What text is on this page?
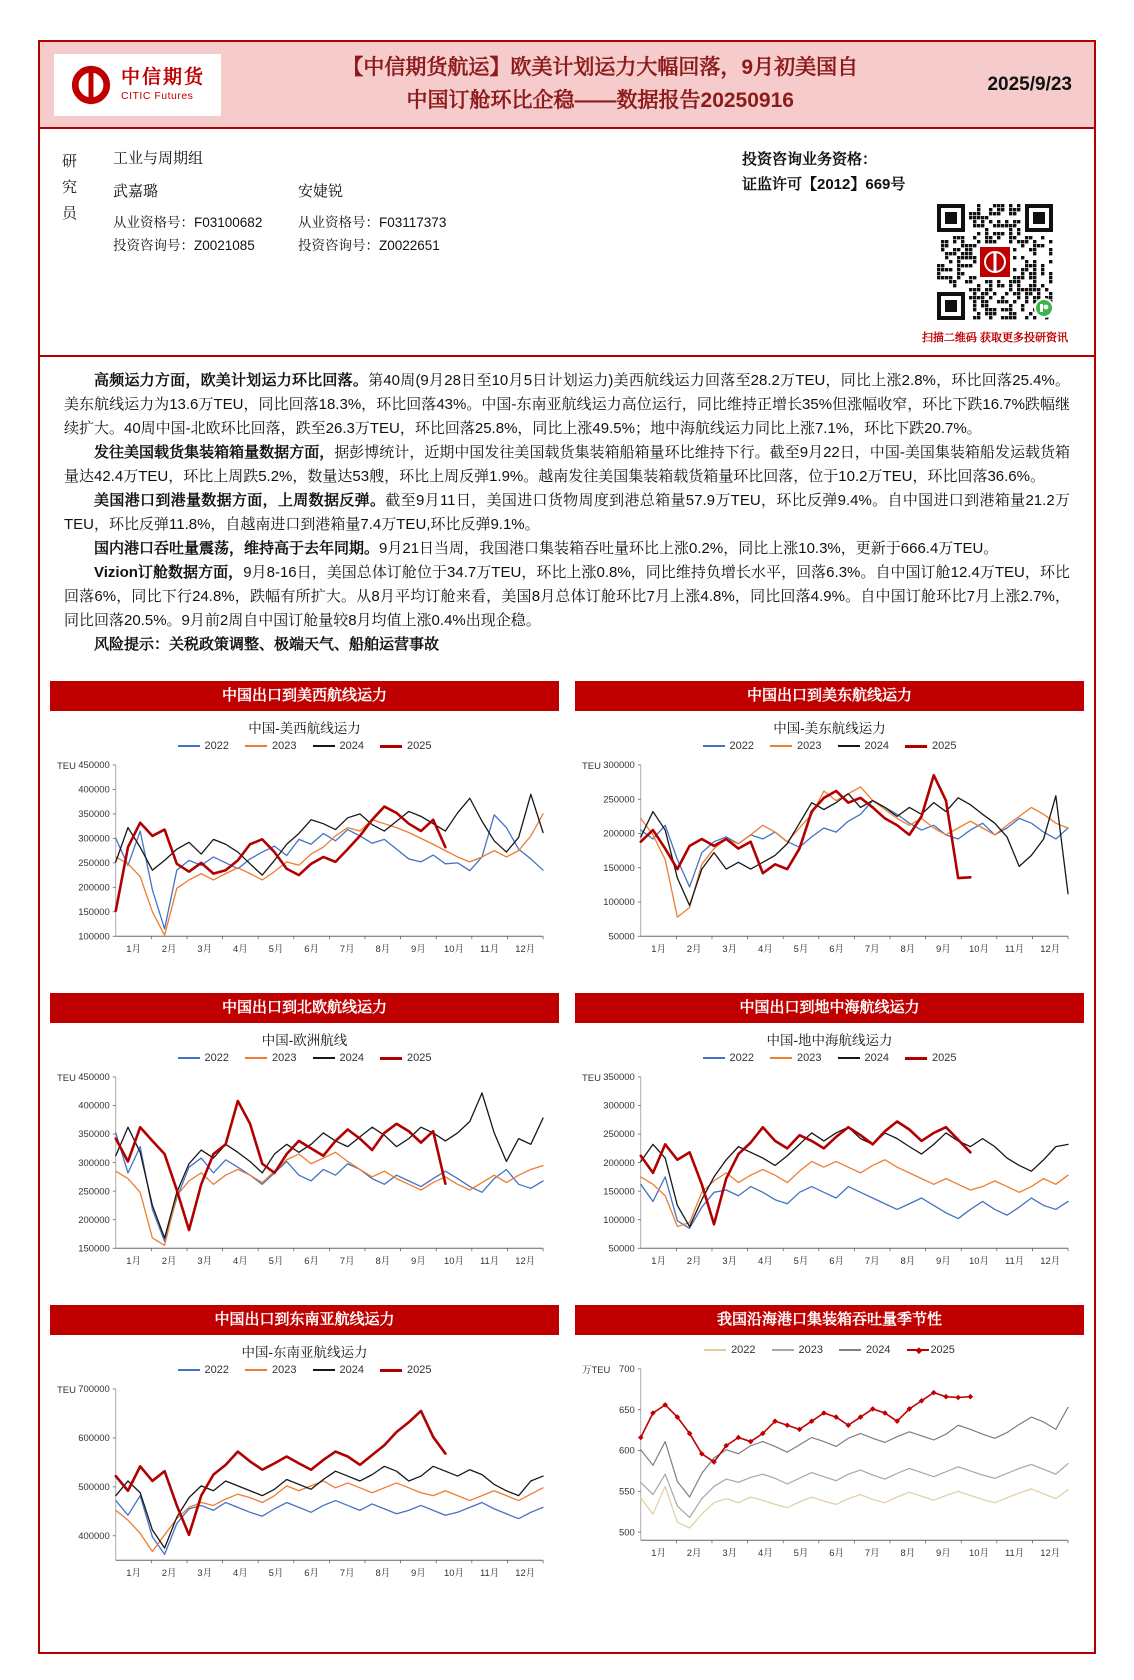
中信期货
CITIC Futures
【中信期货航运】欧美计划运力大幅回落，9月初美国自
中国订舱环比企稳——数据报告20250916
2025/9/23
研
究
员
工业与周期组
武嘉璐
从业资格号：F03100682
投资咨询号：Z0021085
安婕锐
从业资格号：F03117373
投资咨询号：Z0022651
投资咨询业务资格：
证监许可【2012】669号
扫描二维码 获取更多投研资讯

高频运力方面，欧美计划运力环比回落。第40周(9月28日至10月5日计划运力)美西航线运力回落至28.2万TEU，同比上涨2.8%，环比回落25.4%。美东航线运力为13.6万TEU，同比回落18.3%，环比回落43%。中国-东南亚航线运力高位运行，同比维持正增长35%但涨幅收窄，环比下跌16.7%跌幅继续扩大。40周中国-北欧环比回落，跌至26.3万TEU，环比回落25.8%，同比上涨49.5%；地中海航线运力同比上涨7.1%，环比下跌20.7%。

发往美国载货集装箱箱量数据方面，据彭博统计，近期中国发往美国载货集装箱船箱量环比维持下行。截至9月22日，中国-美国集装箱船发运载货箱量达42.4万TEU，环比上周跌5.2%，数量达53艘，环比上周反弹1.9%。越南发往美国集装箱载货箱量环比回落，位于10.2万TEU，环比回落36.6%。

美国港口到港量数据方面，上周数据反弹。截至9月11日，美国进口货物周度到港总箱量57.9万TEU，环比反弹9.4%。自中国进口到港箱量21.2万TEU，环比反弹11.8%，自越南进口到港箱量7.4万TEU,环比反弹9.1%。

国内港口吞吐量震荡，维持高于去年同期。9月21日当周，我国港口集装箱吞吐量环比上涨0.2%，同比上涨10.3%，更新于666.4万TEU。

Vizion订舱数据方面，9月8-16日，美国总体订舱位于34.7万TEU，环比上涨0.8%，同比维持负增长水平，回落6.3%。自中国订舱12.4万TEU，环比回落6%，同比下行24.8%，跌幅有所扩大。从8月平均订舱来看，美国8月总体订舱环比7月上涨4.8%，同比回落4.9%。自中国订舱环比7月上涨2.7%，同比回落20.5%。9月前2周自中国订舱量较8月均值上涨0.4%出现企稳。

风险提示：关税政策调整、极端天气、船舶运营事故

中国出口到美西航线运力
中国-美西航线运力
2022	2023	2024	2025
100000
150000
200000
250000
300000
350000
400000
450000
TEU
1月 2月 3月 4月 5月 6月 7月 8月 9月 10月 11月 12月
中国出口到美东航线运力
中国-美东航线运力
2022	2023	2024	2025
50000
100000
150000
200000
250000
300000
TEU
1月 2月 3月 4月 5月 6月 7月 8月 9月 10月 11月 12月
中国出口到北欧航线运力
中国-欧洲航线
2022	2023	2024	2025
150000
200000
250000
300000
350000
400000
450000
TEU
1月 2月 3月 4月 5月 6月 7月 8月 9月 10月 11月 12月
中国出口到地中海航线运力
中国-地中海航线运力
2022	2023	2024	2025
50000
100000
150000
200000
250000
300000
350000
TEU
1月 2月 3月 4月 5月 6月 7月 8月 9月 10月 11月 12月
中国出口到东南亚航线运力
中国-东南亚航线运力
2022	2023	2024	2025
400000
500000
600000
700000
TEU
1月 2月 3月 4月 5月 6月 7月 8月 9月 10月 11月 12月
我国沿海港口集装箱吞吐量季节性
2022	2023	2024	◆ 2025
500
550
600
650
700
万TEU
1月 2月 3月 4月 5月 6月 7月 8月 9月 10月 11月 12月
